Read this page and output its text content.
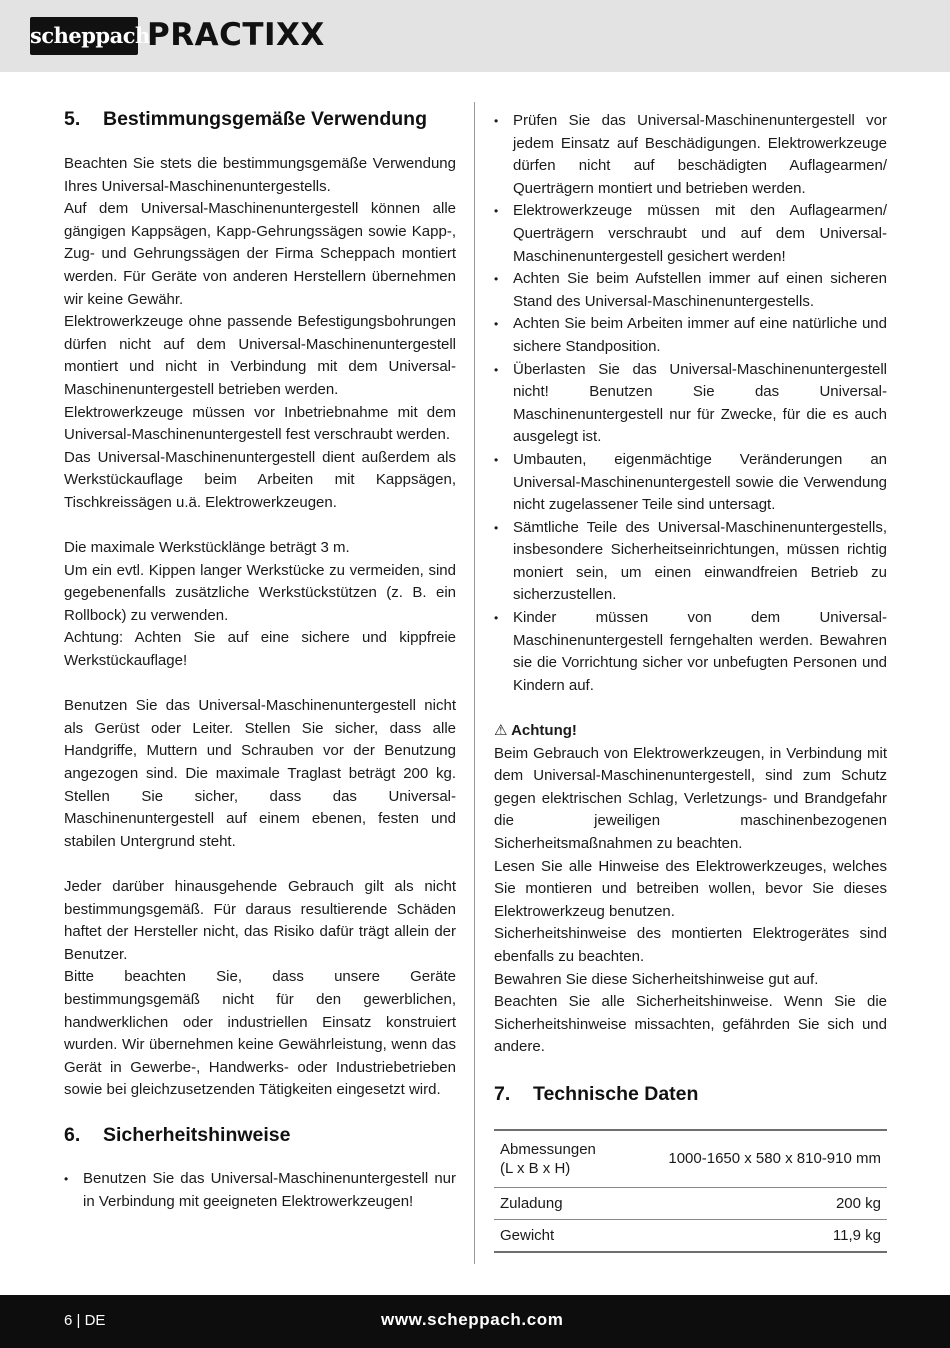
scheppach
PRACTIXX
5. Bestimmungsgemäße Verwendung

Beachten Sie stets die bestimmungsgemäße Verwendung Ihres Universal-Maschinenuntergestells.

Auf dem Universal-Maschinenuntergestell können alle gängigen Kappsägen, Kapp-Gehrungssägen sowie Kapp-, Zug- und Gehrungssägen der Firma Scheppach montiert werden. Für Geräte von anderen Herstellern übernehmen wir keine Gewähr.

Elektrowerkzeuge ohne passende Befestigungsbohrungen dürfen nicht auf dem Universal-Maschinenuntergestell montiert und nicht in Verbindung mit dem Universal-Maschinenuntergestell betrieben werden.

Elektrowerkzeuge müssen vor Inbetriebnahme mit dem Universal-Maschinenuntergestell fest verschraubt werden.

Das Universal-Maschinenuntergestell dient außerdem als Werkstückauflage beim Arbeiten mit Kappsägen, Tischkreissägen u.ä. Elektrowerkzeugen.

Die maximale Werkstücklänge beträgt 3 m.

Um ein evtl. Kippen langer Werkstücke zu vermeiden, sind gegebenenfalls zusätzliche Werkstückstützen (z. B. ein Rollbock) zu verwenden.

Achtung: Achten Sie auf eine sichere und kippfreie Werkstückauflage!

Benutzen Sie das Universal-Maschinenuntergestell nicht als Gerüst oder Leiter. Stellen Sie sicher, dass alle Handgriffe, Muttern und Schrauben vor der Benutzung angezogen sind. Die maximale Traglast beträgt 200 kg. Stellen Sie sicher, dass das Universal-Maschinenuntergestell auf einem ebenen, festen und stabilen Untergrund steht.

Jeder darüber hinausgehende Gebrauch gilt als nicht bestimmungsgemäß. Für daraus resultierende Schäden haftet der Hersteller nicht, das Risiko dafür trägt allein der Benutzer.

Bitte beachten Sie, dass unsere Geräte bestimmungsgemäß nicht für den gewerblichen, handwerklichen oder industriellen Einsatz konstruiert wurden. Wir übernehmen keine Gewährleistung, wenn das Gerät in Gewerbe-, Handwerks- oder Industriebetrieben sowie bei gleichzusetzenden Tätigkeiten eingesetzt wird.

6. Sicherheitshinweise
• Benutzen Sie das Universal-Maschinenuntergestell nur in Verbindung mit geeigneten Elektrowerkzeugen!
• Prüfen Sie das Universal-Maschinenuntergestell vor jedem Einsatz auf Beschädigungen. Elektrowerkzeuge dürfen nicht auf beschädigten Auflagearmen/ Querträgern montiert und betrieben werden.
• Elektrowerkzeuge müssen mit den Auflagearmen/ Querträgern verschraubt und auf dem Universal-Maschinenuntergestell gesichert werden!
• Achten Sie beim Aufstellen immer auf einen sicheren Stand des Universal-Maschinenuntergestells.
• Achten Sie beim Arbeiten immer auf eine natürliche und sichere Standposition.
• Überlasten Sie das Universal-Maschinenuntergestell nicht! Benutzen Sie das Universal-Maschinenuntergestell nur für Zwecke, für die es auch ausgelegt ist.
• Umbauten, eigenmächtige Veränderungen an Universal-Maschinenuntergestell sowie die Verwendung nicht zugelassener Teile sind untersagt.
• Sämtliche Teile des Universal-Maschinenuntergestells, insbesondere Sicherheitseinrichtungen, müssen richtig moniert sein, um einen einwandfreien Betrieb zu sicherzustellen.
• Kinder müssen von dem Universal-Maschinenuntergestell ferngehalten werden. Bewahren sie die Vorrichtung sicher vor unbefugten Personen und Kindern auf.
⚠ Achtung!

Beim Gebrauch von Elektrowerkzeugen, in Verbindung mit dem Universal-Maschinenuntergestell, sind zum Schutz gegen elektrischen Schlag, Verletzungs- und Brandgefahr die jeweiligen maschinenbezogenen Sicherheitsmaßnahmen zu beachten.

Lesen Sie alle Hinweise des Elektrowerkzeuges, welches Sie montieren und betreiben wollen, bevor Sie dieses Elektrowerkzeug benutzen.

Sicherheitshinweise des montierten Elektrogerätes sind ebenfalls zu beachten.

Bewahren Sie diese Sicherheitshinweise gut auf.

Beachten Sie alle Sicherheitshinweise. Wenn Sie die Sicherheitshinweise missachten, gefährden Sie sich und andere.

7. Technische Daten
Abmessungen
(L x B x H)	1000-1650 x 580 x 810-910 mm
Zuladung	200 kg
Gewicht	11,9 kg
6 | DE	www.scheppach.com
